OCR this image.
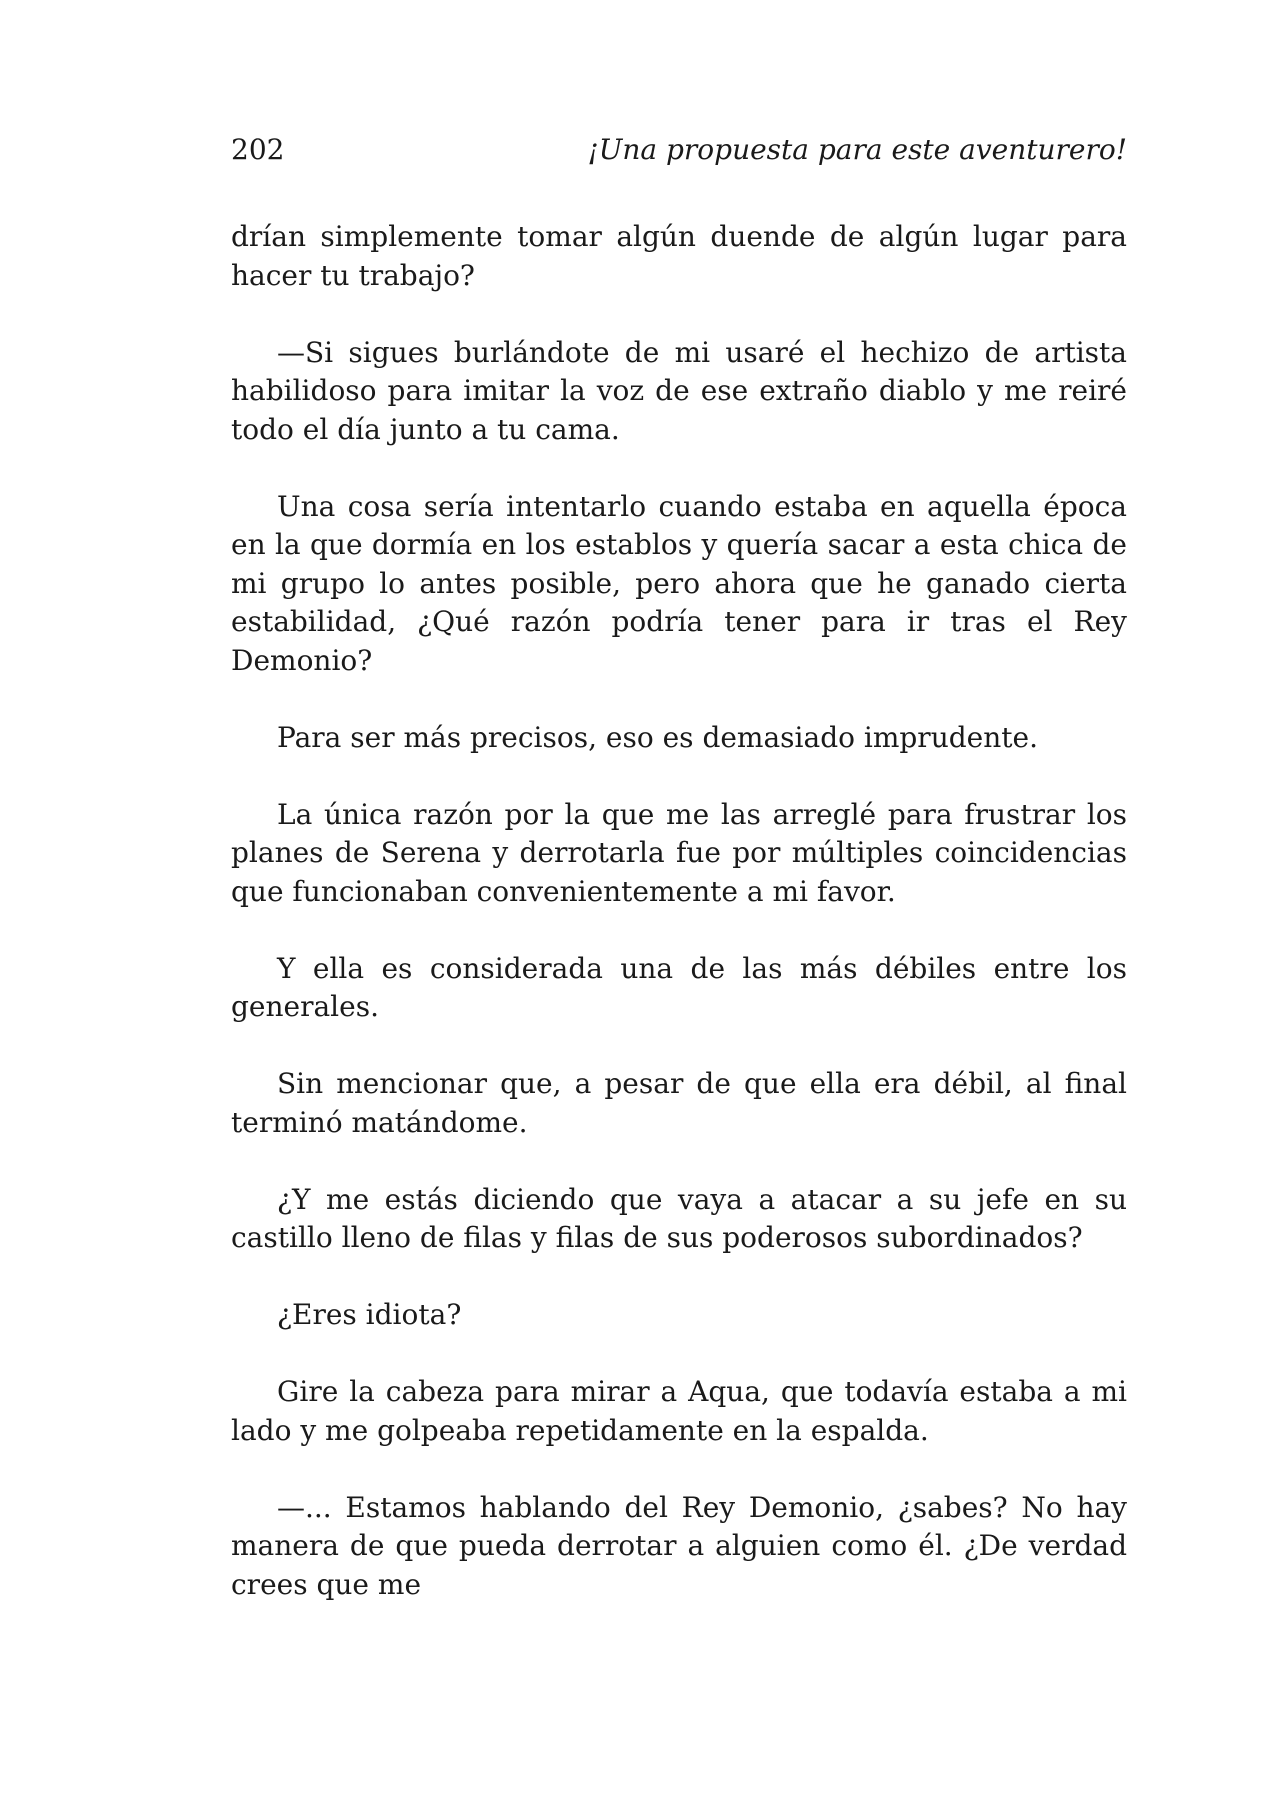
202	¡Una propuesta para este aventurero!

drían simplemente tomar algún duende de algún lugar para hacer tu trabajo?

—Si sigues burlándote de mi usaré el hechizo de artista habilidoso para imitar la voz de ese extraño diablo y me reiré todo el día junto a tu cama.

Una cosa sería intentarlo cuando estaba en aquella época en la que dormía en los establos y quería sacar a esta chica de mi grupo lo antes posible, pero ahora que he ganado cierta estabilidad, ¿Qué razón podría tener para ir tras el Rey Demonio?

Para ser más precisos, eso es demasiado imprudente.

La única razón por la que me las arreglé para frustrar los planes de Serena y derrotarla fue por múltiples coincidencias que funcionaban convenientemente a mi favor.

Y ella es considerada una de las más débiles entre los generales.

Sin mencionar que, a pesar de que ella era débil, al final terminó matándome.

¿Y me estás diciendo que vaya a atacar a su jefe en su castillo lleno de filas y filas de sus poderosos subordinados?

¿Eres idiota?

Gire la cabeza para mirar a Aqua, que todavía estaba a mi lado y me golpeaba repetidamente en la espalda.

—... Estamos hablando del Rey Demonio, ¿sabes? No hay manera de que pueda derrotar a alguien como él. ¿De verdad crees que me
